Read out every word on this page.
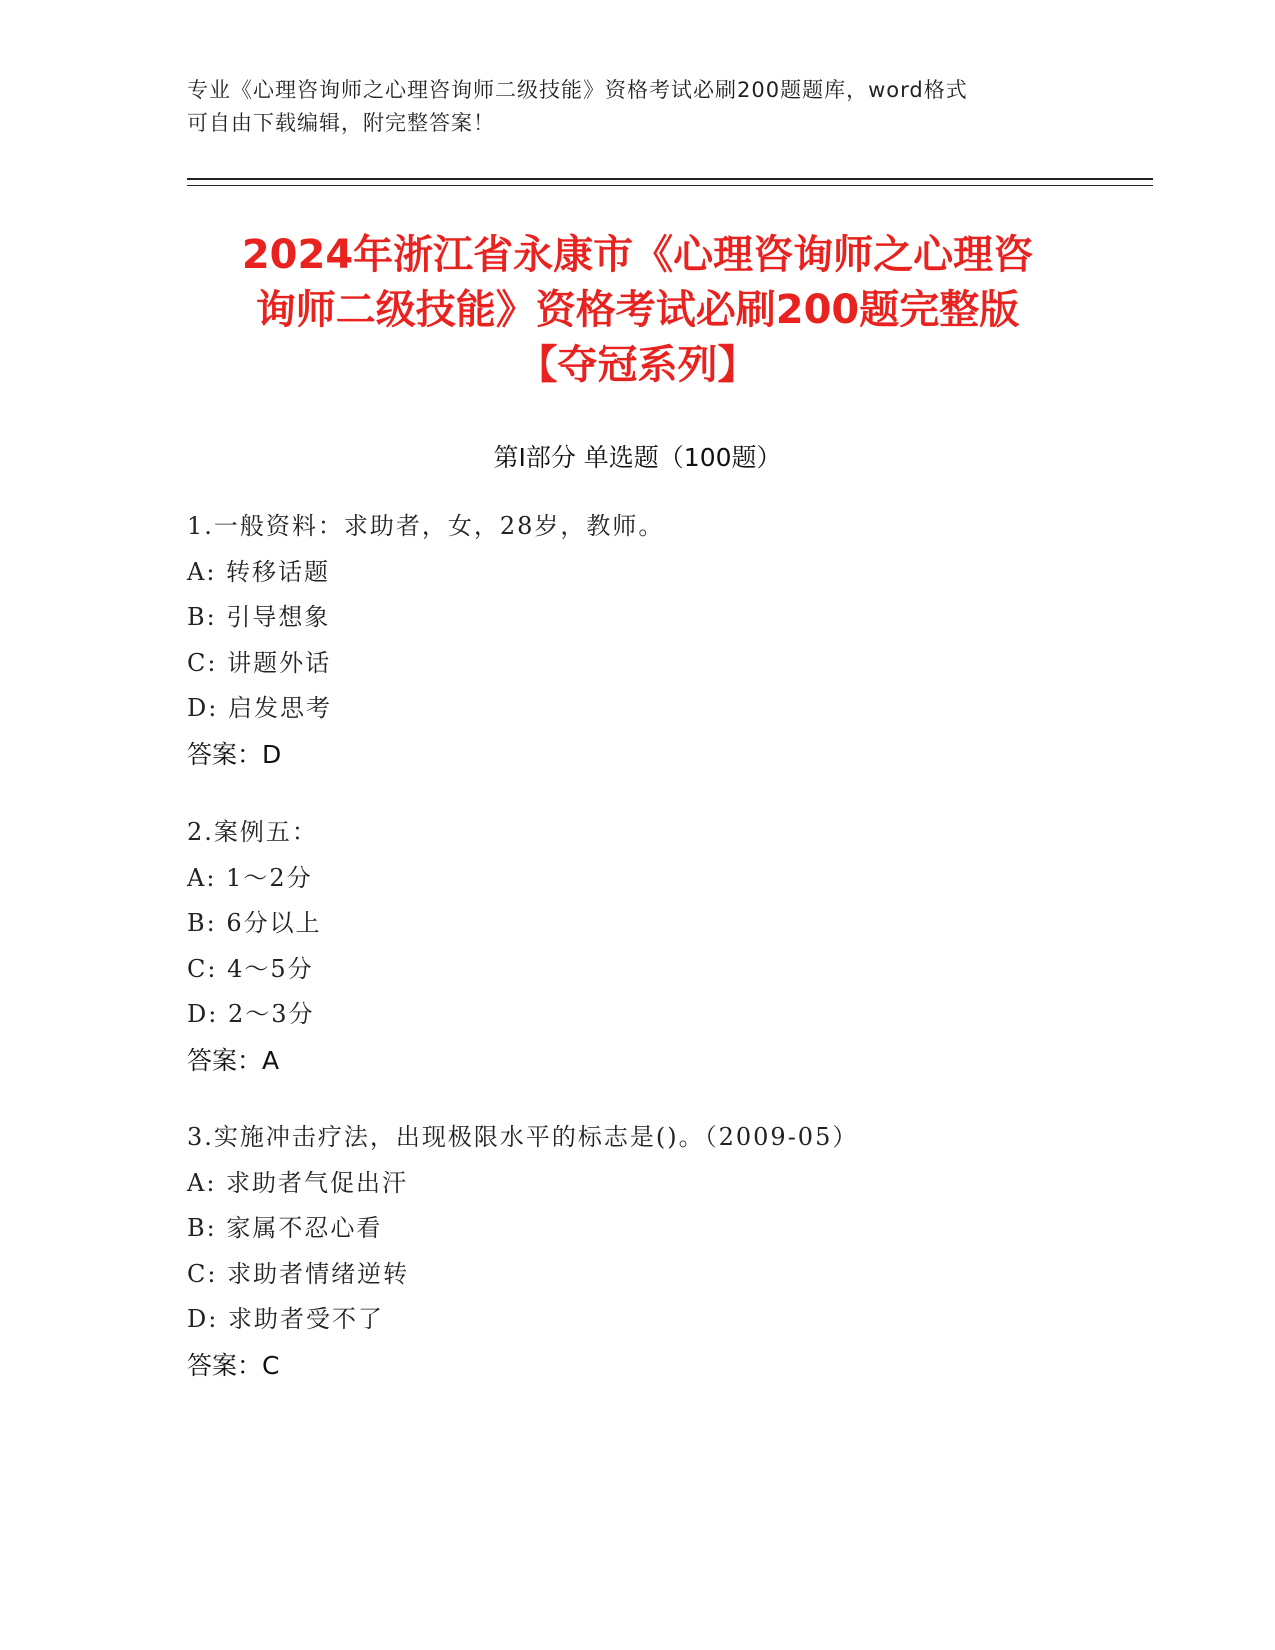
专业《心理咨询师之心理咨询师二级技能》资格考试必刷200题题库，word格式
可自由下载编辑，附完整答案！
2024年浙江省永康市《心理咨询师之心理咨
询师二级技能》资格考试必刷200题完整版
【夺冠系列】
第Ⅰ部分 单选题（100题）
1.一般资料：求助者，女，28岁，教师。
A: 转移话题
B: 引导想象
C: 讲题外话
D: 启发思考
答案：D
2.案例五：
A: 1～2分
B: 6分以上
C: 4～5分
D: 2～3分
答案：A
3.实施冲击疗法，出现极限水平的标志是()。（2009-05）
A: 求助者气促出汗
B: 家属不忍心看
C: 求助者情绪逆转
D: 求助者受不了
答案：C
